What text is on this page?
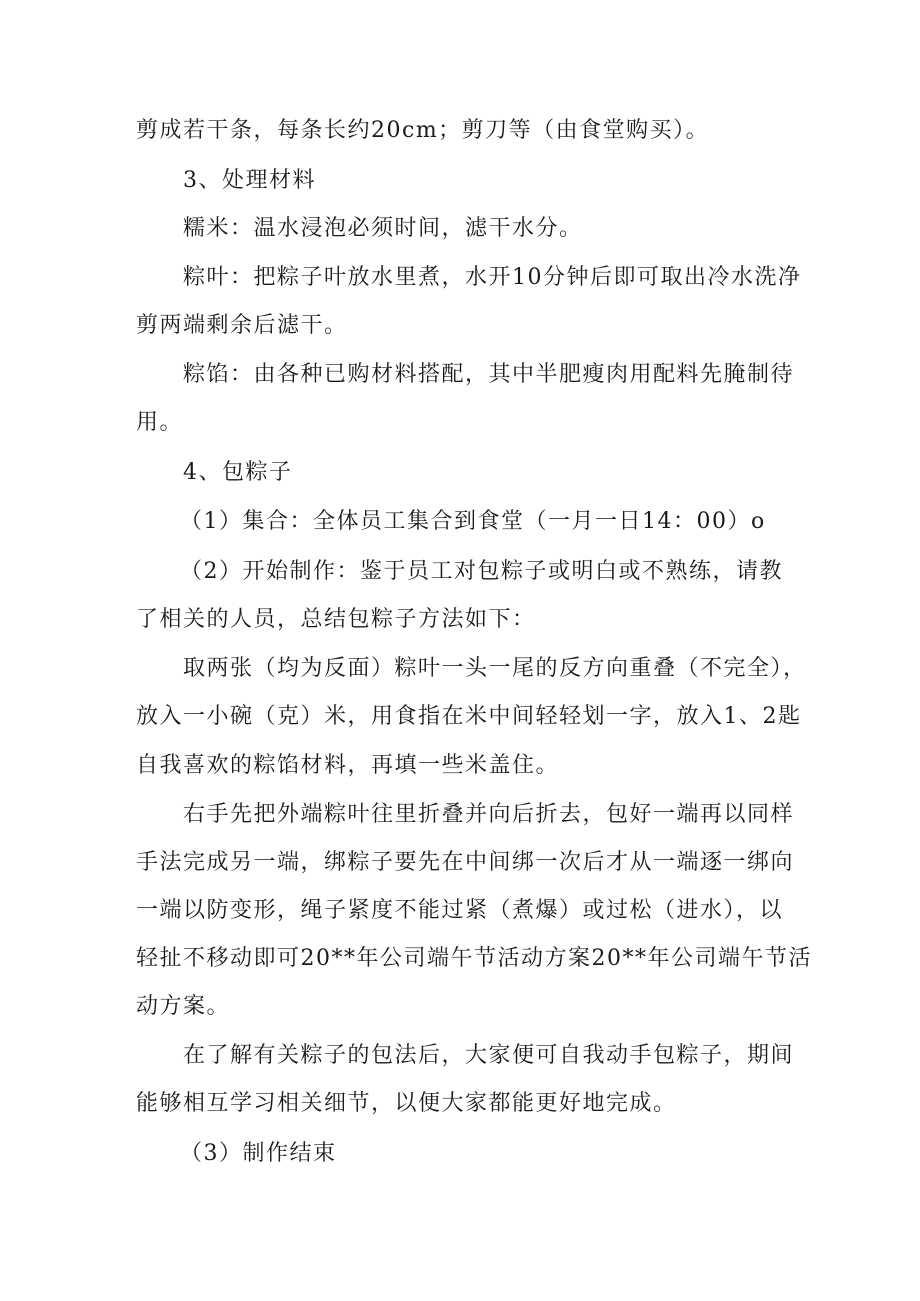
剪成若干条，每条长约20cm；剪刀等（由食堂购买）。
3、处理材料
糯米：温水浸泡必须时间，滤干水分。
粽叶：把粽子叶放水里煮，水开10分钟后即可取出冷水洗净
剪两端剩余后滤干。
粽馅：由各种已购材料搭配，其中半肥瘦肉用配料先腌制待
用。
4、包粽子
（1）集合：全体员工集合到食堂（一月一日14：00）o
（2）开始制作：鉴于员工对包粽子或明白或不熟练，请教
了相关的人员，总结包粽子方法如下：
取两张（均为反面）粽叶一头一尾的反方向重叠（不完全），
放入一小碗（克）米，用食指在米中间轻轻划一字，放入1、2匙
自我喜欢的粽馅材料，再填一些米盖住。
右手先把外端粽叶往里折叠并向后折去，包好一端再以同样
手法完成另一端，绑粽子要先在中间绑一次后才从一端逐一绑向
一端以防变形，绳子紧度不能过紧（煮爆）或过松（进水），以
轻扯不移动即可20**年公司端午节活动方案20**年公司端午节活
动方案。
在了解有关粽子的包法后，大家便可自我动手包粽子，期间
能够相互学习相关细节，以便大家都能更好地完成。
（3）制作结束
